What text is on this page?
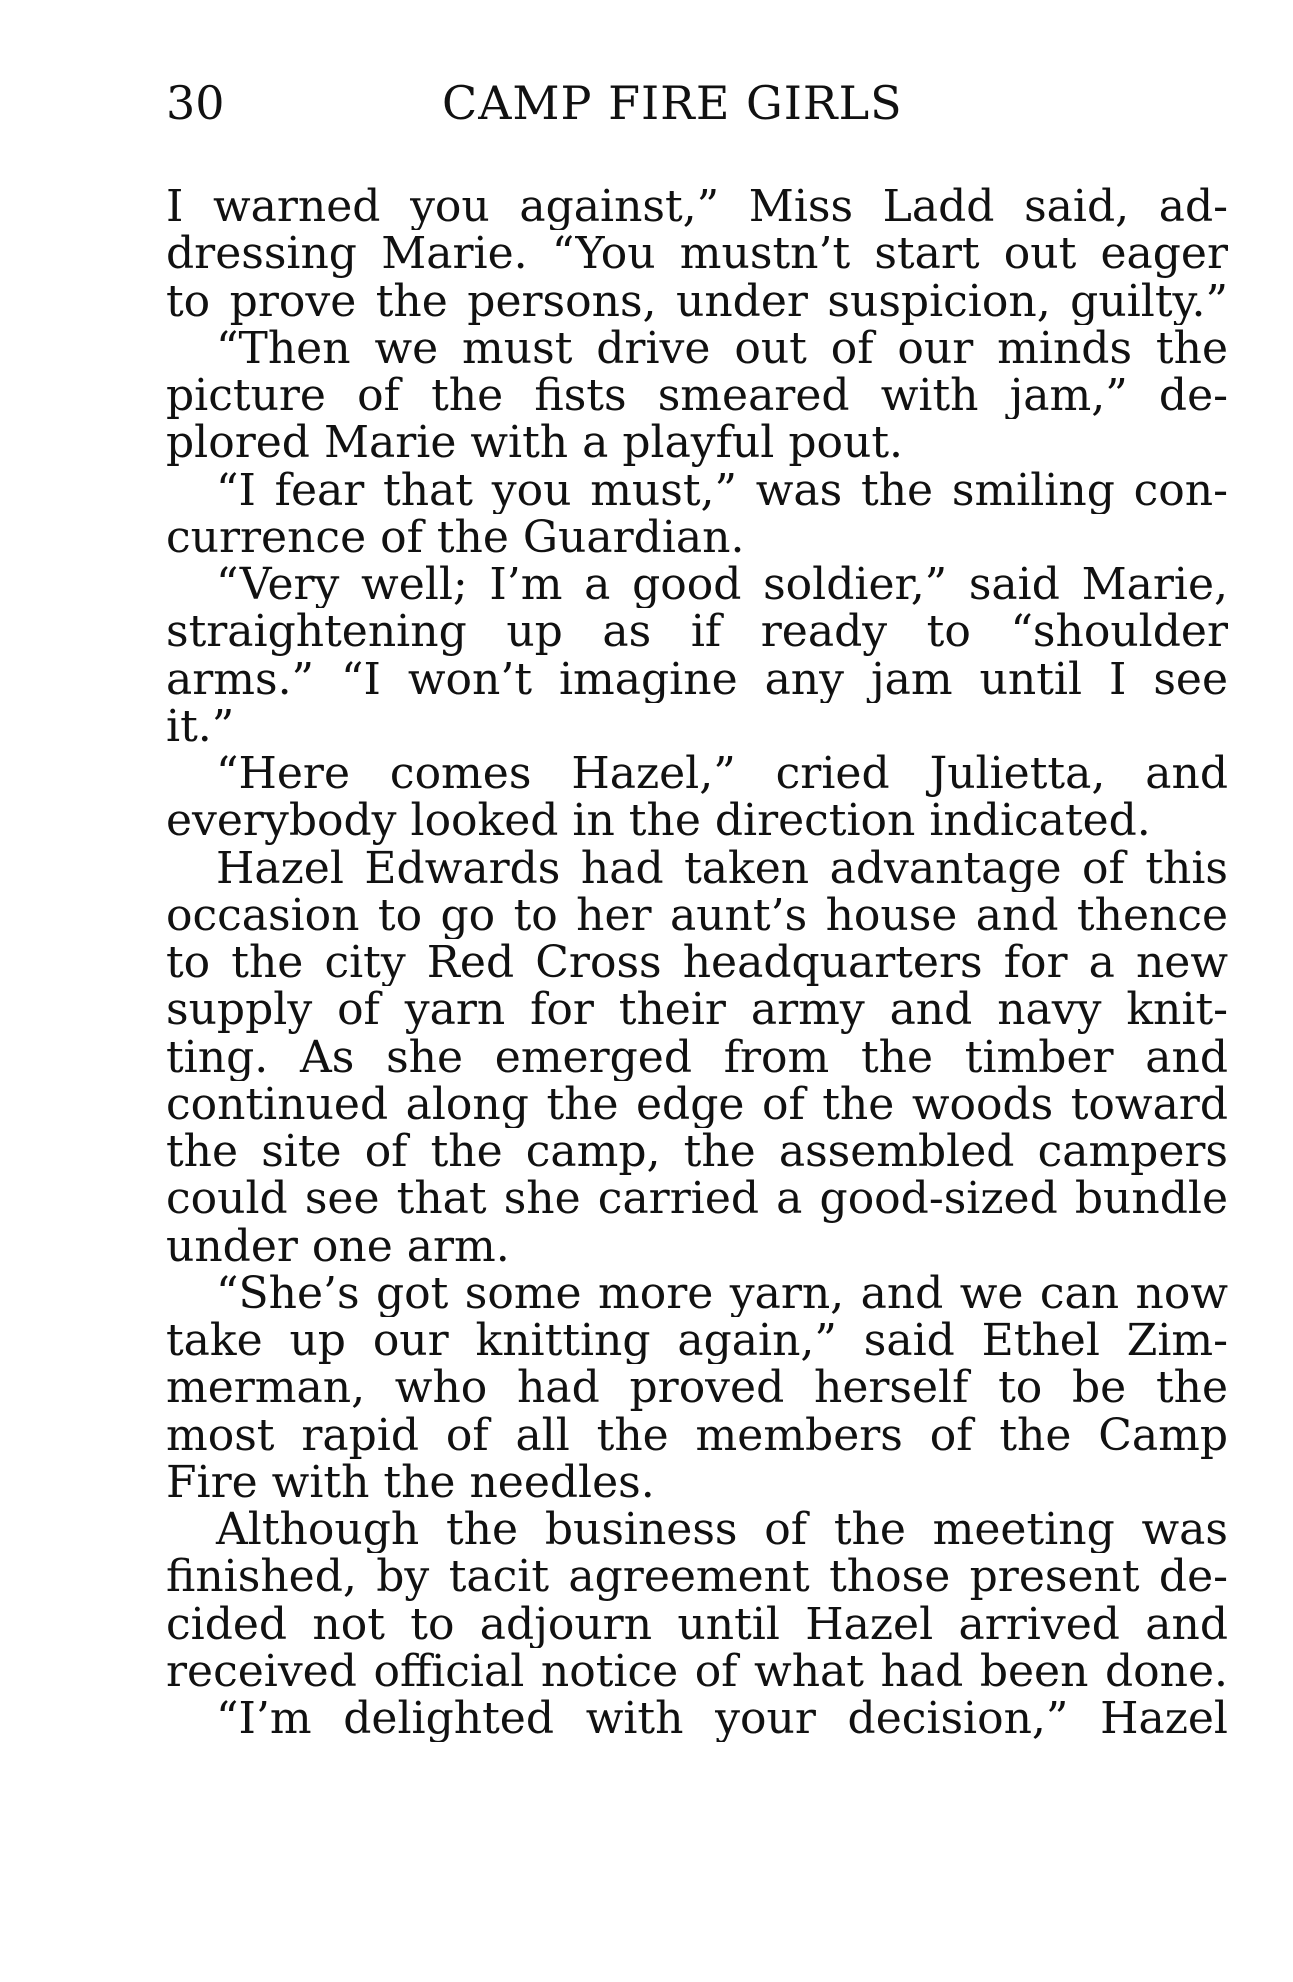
30	CAMP FIRE GIRLS
I warned you against,” Miss Ladd said, ad-
dressing Marie. “You mustn’t start out eager
to prove the persons, under suspicion, guilty.”
“Then we must drive out of our minds the
picture of the fists smeared with jam,” de-
plored Marie with a playful pout.
“I fear that you must,” was the smiling con-
currence of the Guardian.
“Very well; I’m a good soldier,” said Marie,
straightening up as if ready to “shoulder
arms.” “I won’t imagine any jam until I see
it.”
“Here comes Hazel,” cried Julietta, and
everybody looked in the direction indicated.
Hazel Edwards had taken advantage of this
occasion to go to her aunt’s house and thence
to the city Red Cross headquarters for a new
supply of yarn for their army and navy knit-
ting. As she emerged from the timber and
continued along the edge of the woods toward
the site of the camp, the assembled campers
could see that she carried a good-sized bundle
under one arm.
“She’s got some more yarn, and we can now
take up our knitting again,” said Ethel Zim-
merman, who had proved herself to be the
most rapid of all the members of the Camp
Fire with the needles.
Although the business of the meeting was
finished, by tacit agreement those present de-
cided not to adjourn until Hazel arrived and
received official notice of what had been done.
“I’m delighted with your decision,” Hazel
